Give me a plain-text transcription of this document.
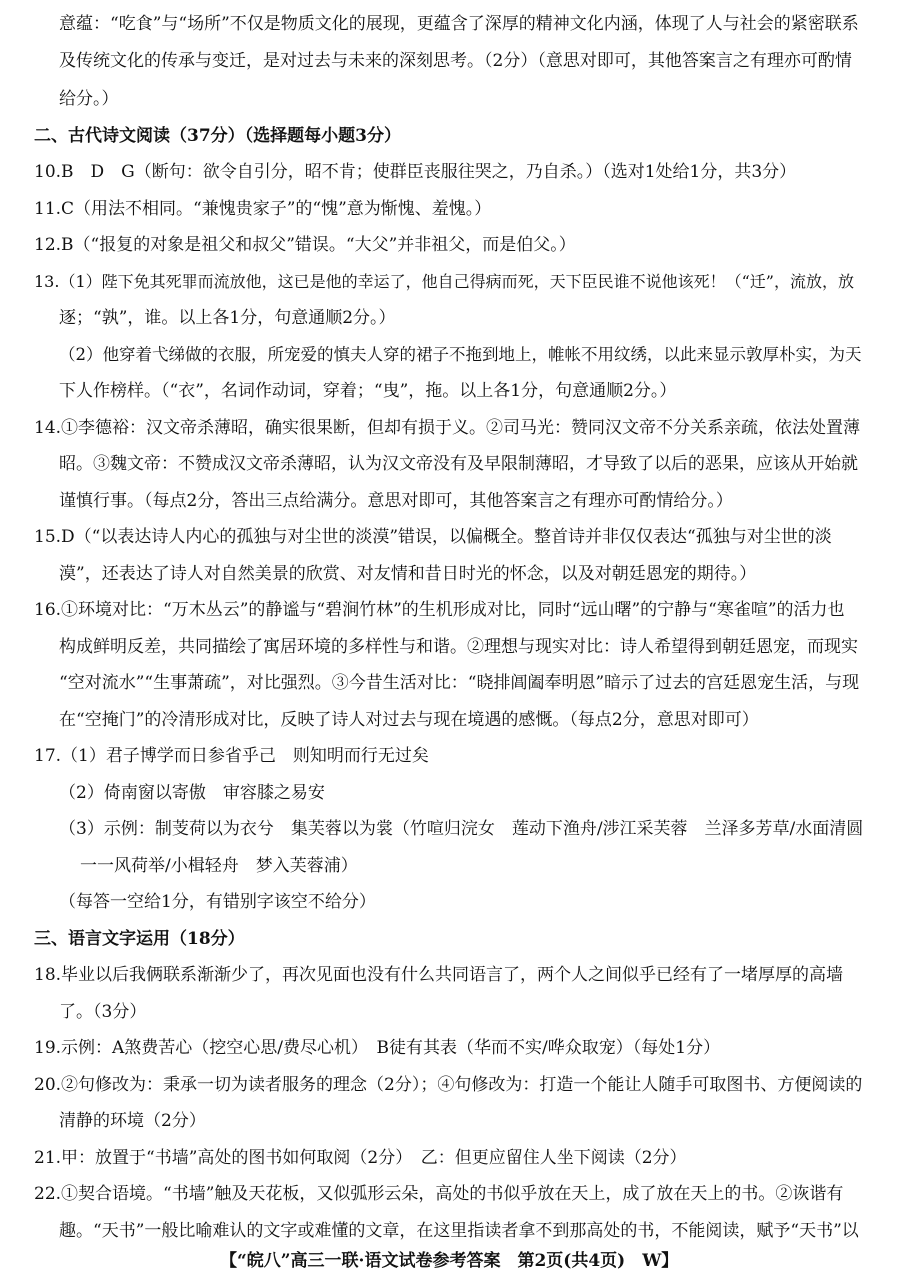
意蕴：“吃食”与“场所”不仅是物质文化的展现，更蕴含了深厚的精神文化内涵，体现了人与社会的紧密联系
及传统文化的传承与变迁，是对过去与未来的深刻思考。（2分）（意思对即可，其他答案言之有理亦可酌情
给分。）
二、古代诗文阅读（37分）（选择题每小题3分）
10.B　D　G（断句：欲令自引分，昭不肯；使群臣丧服往哭之，乃自杀。）（选对1处给1分，共3分）
11.C（用法不相同。“兼愧贵家子”的“愧”意为惭愧、羞愧。）
12.B（“报复的对象是祖父和叔父”错误。“大父”并非祖父，而是伯父。）
13.（1）陛下免其死罪而流放他，这已是他的幸运了，他自己得病而死，天下臣民谁不说他该死！（“迁”，流放，放
逐；“孰”，谁。以上各1分，句意通顺2分。）
（2）他穿着弋绨做的衣服，所宠爱的慎夫人穿的裙子不拖到地上，帷帐不用纹绣，以此来显示敦厚朴实，为天
下人作榜样。（“衣”，名词作动词，穿着；“曳”，拖。以上各1分，句意通顺2分。）
14.①李德裕：汉文帝杀薄昭，确实很果断，但却有损于义。②司马光：赞同汉文帝不分关系亲疏，依法处置薄
昭。③魏文帝：不赞成汉文帝杀薄昭，认为汉文帝没有及早限制薄昭，才导致了以后的恶果，应该从开始就
谨慎行事。（每点2分，答出三点给满分。意思对即可，其他答案言之有理亦可酌情给分。）
15.D（“以表达诗人内心的孤独与对尘世的淡漠”错误，以偏概全。整首诗并非仅仅表达“孤独与对尘世的淡
漠”，还表达了诗人对自然美景的欣赏、对友情和昔日时光的怀念，以及对朝廷恩宠的期待。）
16.①环境对比：“万木丛云”的静谧与“碧涧竹林”的生机形成对比，同时“远山曙”的宁静与“寒雀喧”的活力也
构成鲜明反差，共同描绘了寓居环境的多样性与和谐。②理想与现实对比：诗人希望得到朝廷恩宠，而现实
“空对流水”“生事萧疏”，对比强烈。③今昔生活对比：“晓排阊阖奉明恩”暗示了过去的宫廷恩宠生活，与现
在“空掩门”的冷清形成对比，反映了诗人对过去与现在境遇的感慨。（每点2分，意思对即可）
17.（1）君子博学而日参省乎己　则知明而行无过矣
（2）倚南窗以寄傲　审容膝之易安
（3）示例：制芰荷以为衣兮　集芙蓉以为裳（竹喧归浣女　莲动下渔舟/涉江采芙蓉　兰泽多芳草/水面清圆
一一风荷举/小楫轻舟　梦入芙蓉浦）
（每答一空给1分，有错别字该空不给分）
三、语言文字运用（18分）
18.毕业以后我俩联系渐渐少了，再次见面也没有什么共同语言了，两个人之间似乎已经有了一堵厚厚的高墙
了。（3分）
19.示例：A煞费苦心（挖空心思/费尽心机）　B徒有其表（华而不实/哗众取宠）（每处1分）
20.②句修改为：秉承一切为读者服务的理念（2分）；④句修改为：打造一个能让人随手可取图书、方便阅读的
清静的环境（2分）
21.甲：放置于“书墙”高处的图书如何取阅（2分）　乙：但更应留住人坐下阅读（2分）
22.①契合语境。“书墙”触及天花板，又似弧形云朵，高处的书似乎放在天上，成了放在天上的书。②诙谐有
趣。“天书”一般比喻难认的文字或难懂的文章，在这里指读者拿不到那高处的书，不能阅读，赋予“天书”以
【“皖八”高三一联·语文试卷参考答案　第2页(共4页)　W】
